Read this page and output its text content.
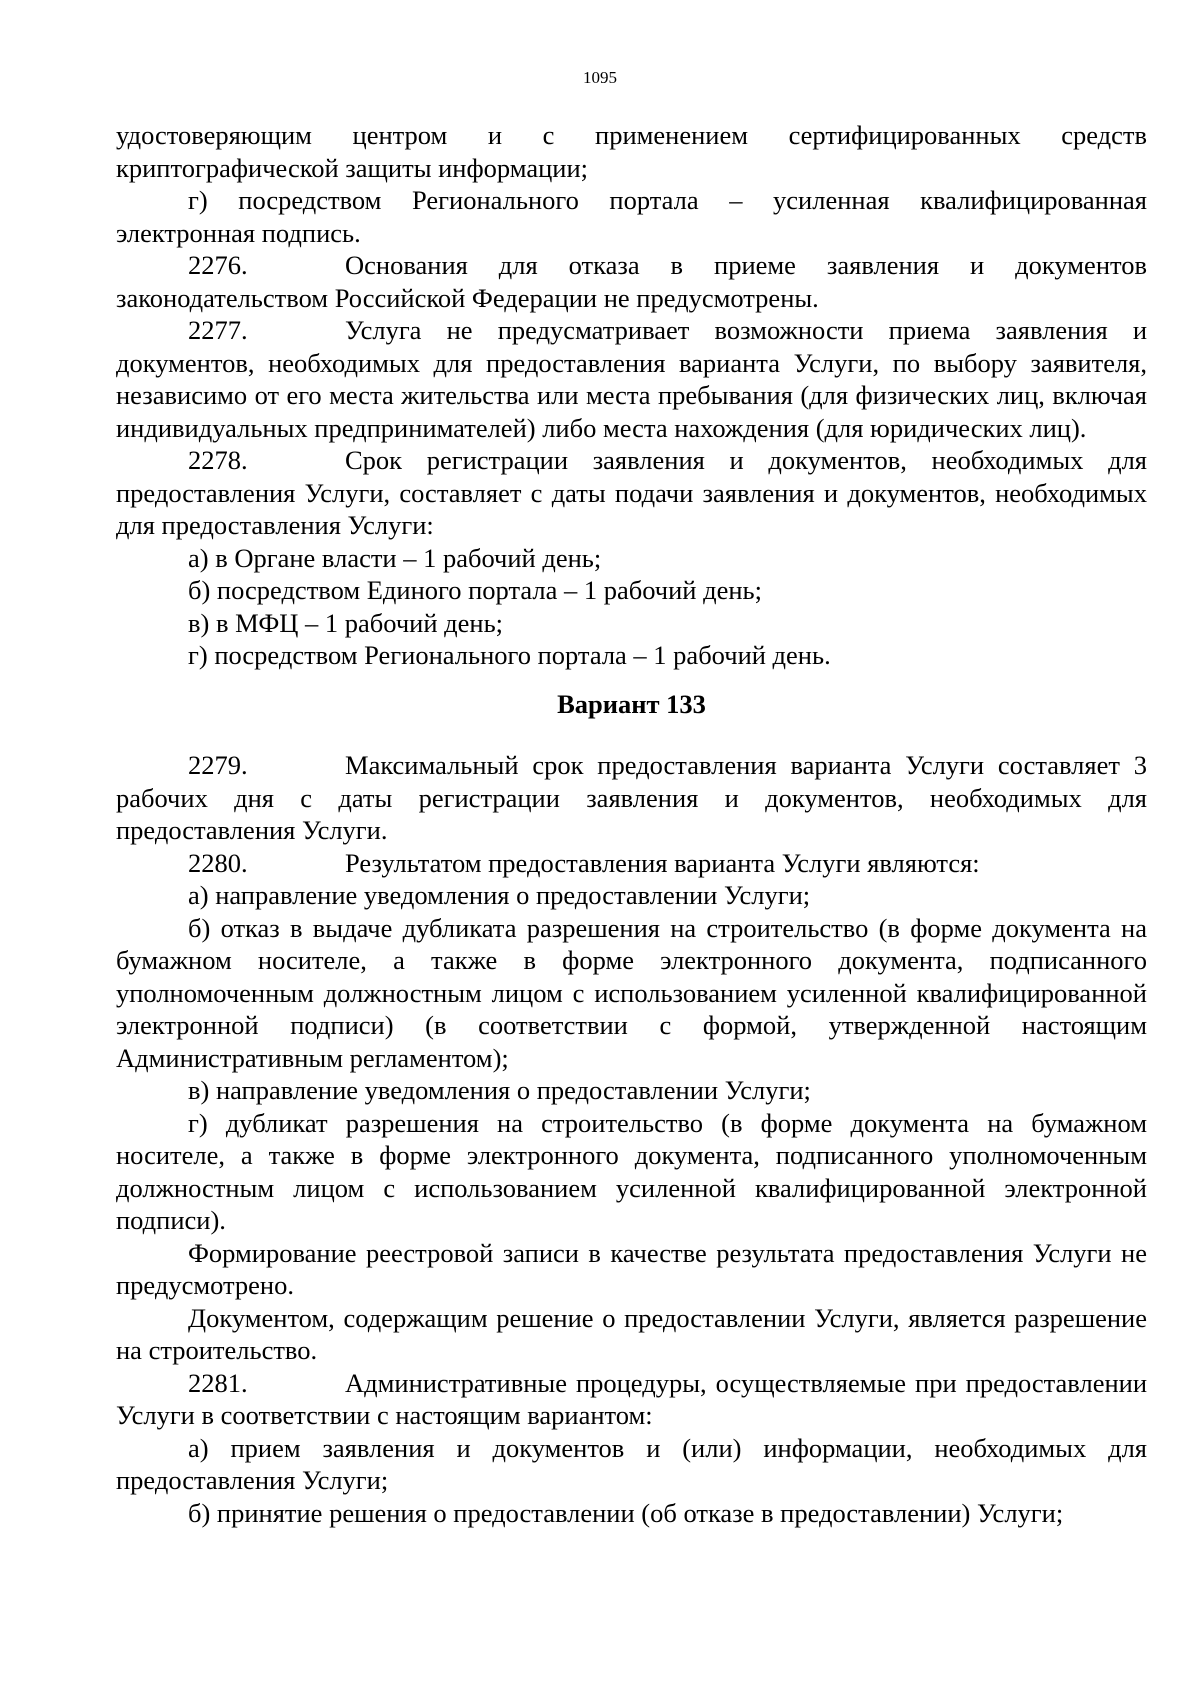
1095

удостоверяющим центром и с применением сертифицированных средств криптографической защиты информации;

г) посредством Регионального портала – усиленная квалифицированная электронная подпись.

2276.	Основания для отказа в приеме заявления и документов законодательством Российской Федерации не предусмотрены.

2277.	Услуга не предусматривает возможности приема заявления и документов, необходимых для предоставления варианта Услуги, по выбору заявителя, независимо от его места жительства или места пребывания (для физических лиц, включая индивидуальных предпринимателей) либо места нахождения (для юридических лиц).

2278.	Срок регистрации заявления и документов, необходимых для предоставления Услуги, составляет с даты подачи заявления и документов, необходимых для предоставления Услуги:

а) в Органе власти – 1 рабочий день;

б) посредством Единого портала – 1 рабочий день;

в) в МФЦ – 1 рабочий день;

г) посредством Регионального портала – 1 рабочий день.

Вариант 133

2279.	Максимальный срок предоставления варианта Услуги составляет 3 рабочих дня с даты регистрации заявления и документов, необходимых для предоставления Услуги.

2280.	Результатом предоставления варианта Услуги являются:

а) направление уведомления о предоставлении Услуги;

б) отказ в выдаче дубликата разрешения на строительство (в форме документа на бумажном носителе, а также в форме электронного документа, подписанного уполномоченным должностным лицом с использованием усиленной квалифицированной электронной подписи) (в соответствии с формой, утвержденной настоящим Административным регламентом);

в) направление уведомления о предоставлении Услуги;

г) дубликат разрешения на строительство (в форме документа на бумажном носителе, а также в форме электронного документа, подписанного уполномоченным должностным лицом с использованием усиленной квалифицированной электронной подписи).

Формирование реестровой записи в качестве результата предоставления Услуги не предусмотрено.

Документом, содержащим решение о предоставлении Услуги, является разрешение на строительство.

2281.	Административные процедуры, осуществляемые при предоставлении Услуги в соответствии с настоящим вариантом:

а) прием заявления и документов и (или) информации, необходимых для предоставления Услуги;

б) принятие решения о предоставлении (об отказе в предоставлении) Услуги;
